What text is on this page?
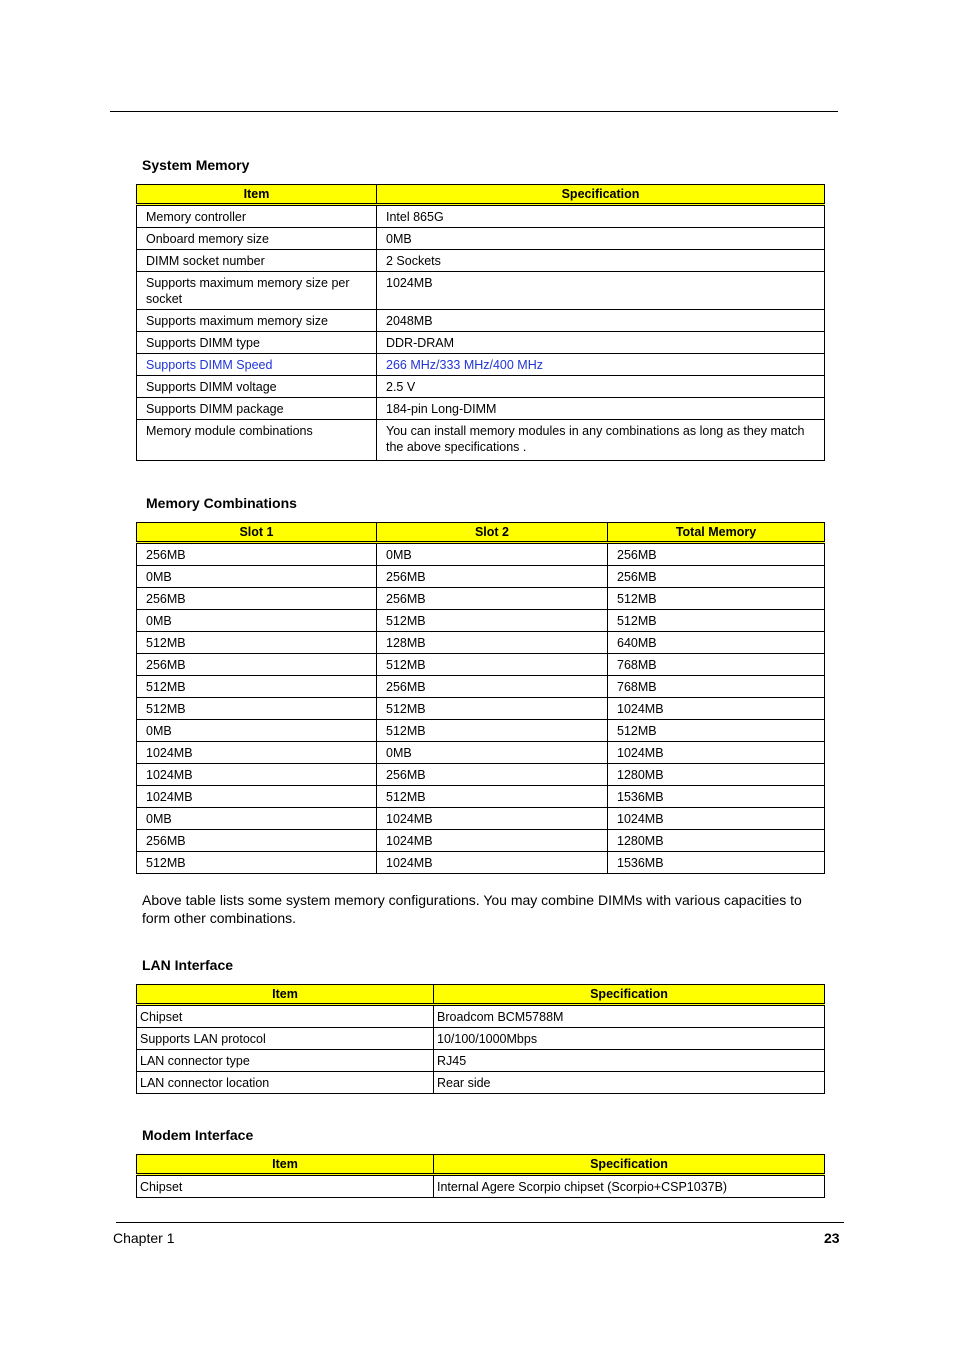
System Memory
Item	Specification
Memory controller	Intel 865G
Onboard memory size	0MB
DIMM socket number	2 Sockets
Supports maximum memory size per socket	1024MB
Supports maximum memory size	2048MB
Supports DIMM type	DDR-DRAM
Supports DIMM Speed	266 MHz/333 MHz/400 MHz
Supports DIMM voltage	2.5 V
Supports DIMM package	184-pin Long-DIMM
Memory module combinations	You can install memory modules in any combinations as long as they match the above specifications .
Memory Combinations
Slot 1	Slot 2	Total Memory
256MB	0MB	256MB
0MB	256MB	256MB
256MB	256MB	512MB
0MB	512MB	512MB
512MB	128MB	640MB
256MB	512MB	768MB
512MB	256MB	768MB
512MB	512MB	1024MB
0MB	512MB	512MB
1024MB	0MB	1024MB
1024MB	256MB	1280MB
1024MB	512MB	1536MB
0MB	1024MB	1024MB
256MB	1024MB	1280MB
512MB	1024MB	1536MB
Above table lists some system memory configurations. You may combine DIMMs with various capacities to form other combinations.
LAN Interface
Item	Specification
Chipset	Broadcom BCM5788M
Supports LAN protocol	10/100/1000Mbps
LAN connector type	RJ45
LAN connector location	Rear side
Modem Interface
Item	Specification
Chipset	Internal Agere Scorpio chipset (Scorpio+CSP1037B)
Chapter 1	23
